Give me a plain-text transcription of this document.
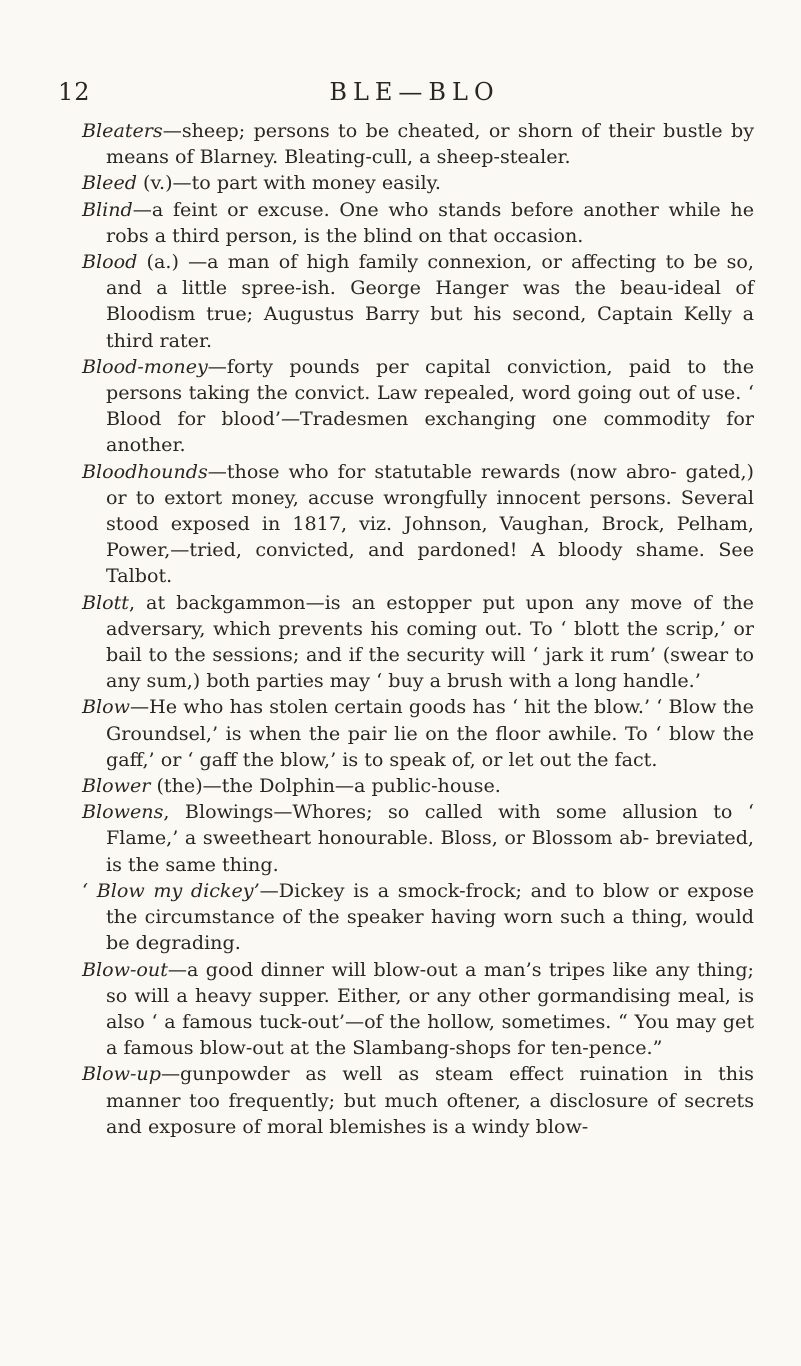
12	BLE—BLO

Bleaters—sheep; persons to be cheated, or shorn of their bustle by means of Blarney. Bleating-cull, a sheep-stealer.

Bleed (v.)—to part with money easily.

Blind—a feint or excuse. One who stands before another while he robs a third person, is the blind on that occasion.

Blood (a.) —a man of high family connexion, or affecting to be so, and a little spree-ish. George Hanger was the beau-ideal of Bloodism true; Augustus Barry but his second, Captain Kelly a third rater.

Blood-money—forty pounds per capital conviction, paid to the persons taking the convict. Law repealed, word going out of use. ‘ Blood for blood’—Tradesmen exchanging one commodity for another.

Bloodhounds—those who for statutable rewards (now abro- gated,) or to extort money, accuse wrongfully innocent persons. Several stood exposed in 1817, viz. Johnson, Vaughan, Brock, Pelham, Power,—tried, convicted, and pardoned! A bloody shame. See Talbot.

Blott, at backgammon—is an estopper put upon any move of the adversary, which prevents his coming out. To ‘ blott the scrip,’ or bail to the sessions; and if the security will ‘ jark it rum’ (swear to any sum,) both parties may ‘ buy a brush with a long handle.’

Blow—He who has stolen certain goods has ‘ hit the blow.’ ‘ Blow the Groundsel,’ is when the pair lie on the floor awhile. To ‘ blow the gaff,’ or ‘ gaff the blow,’ is to speak of, or let out the fact.

Blower (the)—the Dolphin—a public-house.

Blowens, Blowings—Whores; so called with some allusion to ‘ Flame,’ a sweetheart honourable. Bloss, or Blossom ab- breviated, is the same thing.

‘ Blow my dickey’—Dickey is a smock-frock; and to blow or expose the circumstance of the speaker having worn such a thing, would be degrading.

Blow-out—a good dinner will blow-out a man’s tripes like any thing; so will a heavy supper. Either, or any other gormandising meal, is also ‘ a famous tuck-out’—of the hollow, sometimes. “ You may get a famous blow-out at the Slambang-shops for ten-pence.”

Blow-up—gunpowder as well as steam effect ruination in this manner too frequently; but much oftener, a disclosure of secrets and exposure of moral blemishes is a windy blow-
